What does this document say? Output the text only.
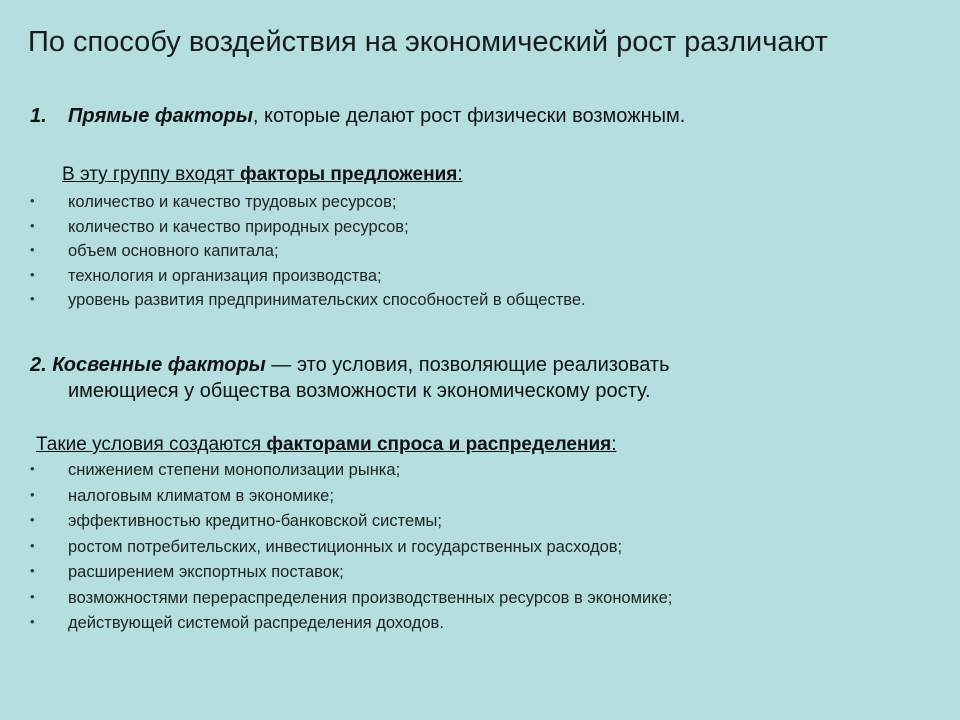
По способу воздействия на экономический рост различают
1. Прямые факторы, которые делают рост физически возможным.
В эту группу входят факторы предложения:
• количество и качество трудовых ресурсов;
• количество и качество природных ресурсов;
• объем основного капитала;
• технология и организация производства;
• уровень развития предпринимательских способностей в обществе.
2. Косвенные факторы — это условия, позволяющие реализовать
имеющиеся у общества возможности к экономическому росту.
Такие условия создаются факторами спроса и распределения:
• снижением степени монополизации рынка;
• налоговым климатом в экономике;
• эффективностью кредитно-банковской системы;
• ростом потребительских, инвестиционных и государственных расходов;
• расширением экспортных поставок;
• возможностями перераспределения производственных ресурсов в экономике;
• действующей системой распределения доходов.
